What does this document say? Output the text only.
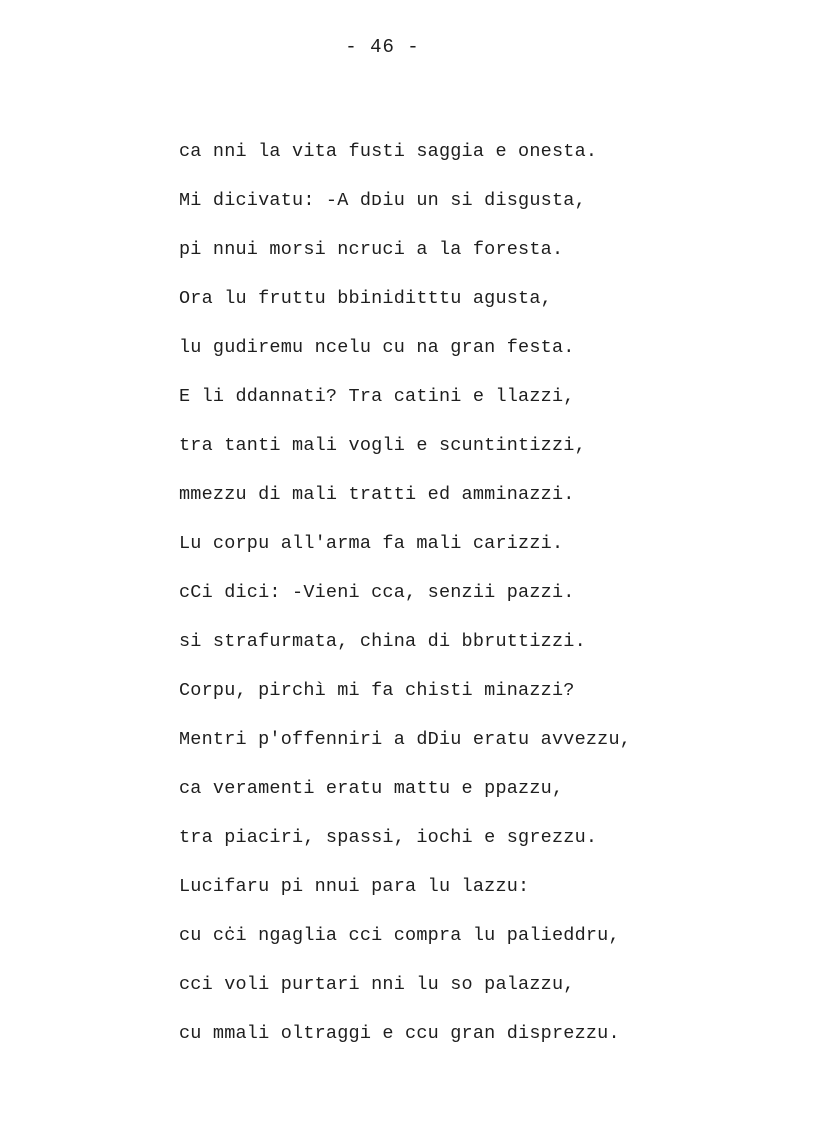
- 46 -
ca nni la vita fusti saggia e onesta.
Mi dicivatu: -A dᴅiu un si disgusta,
pi nnui morsi ncruci a la foresta.
Ora lu fruttu bbiniditttu agusta,
lu gudiremu ncelu cu na gran festa.
E li ddannati? Tra catini e llazzi,
tra tanti mali vogli e scuntintizzi,
mmezzu di mali tratti ed amminazzi.
Lu corpu all'arma fa mali carizzi.
cCi dici: -Vieni cca, senzii pazzi.
si strafurmata, china di bbruttizzi.
Corpu, pirchì mi fa chisti minazzi?
Mentri p'offenniri a dDiu eratu avvezzu,
ca veramenti eratu mattu e ppazzu,
tra piaciri, spassi, iochi e sgrezzu.
Lucifaru pi nnui para lu lazzu:
cu cċi ngaglia cci compra lu palieddru,
cci voli purtari nni lu so palazzu,
cu mmali oltraggi e ccu gran disprezzu.
